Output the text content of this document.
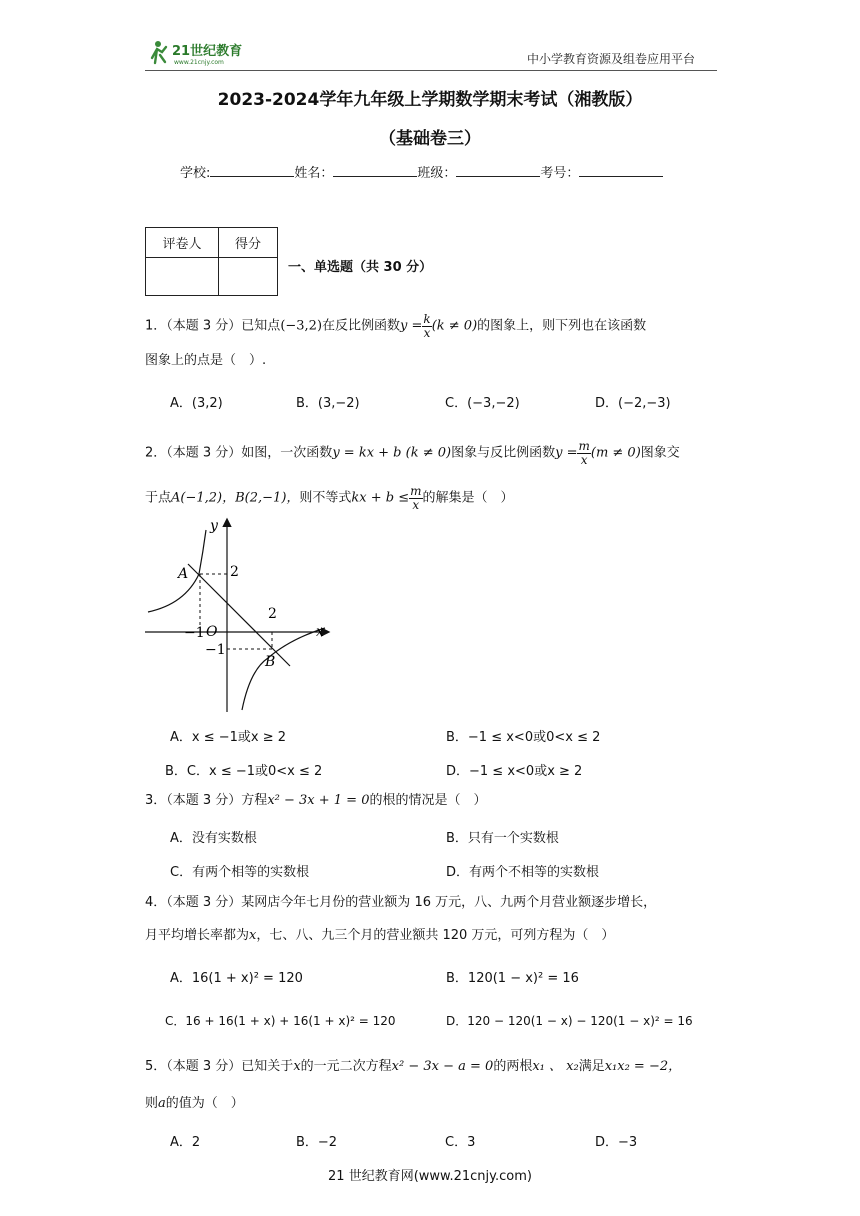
21世纪教育
www.21cnjy.com	中小学教育资源及组卷应用平台
2023-2024学年九年级上学期数学期末考试（湘教版）
（基础卷三）
学校:	姓名：	班级：	考号：
评卷人	得分

一、单选题（共 30 分）
1．（本题 3 分）已知点(−3,2)在反比例函数$y = \frac{k}{x} (k \ne 0)$的图象上，则下列也在该函数
图象上的点是（　）.
A．(3,2)	B．(3,−2)	C．(−3,−2)	D．(−2,−3)
2．（本题 3 分）如图，一次函数y = kx + b (k ≠ 0)图象与反比例函数$y = \frac{m}{x} (m \ne 0)$图象交
于点A(−1,2)，B(2,−1)，则不等式kx + $b \le \frac{m}{x}$ 的解集是（　）
y
x
O
A
B
2
2
−1
−1
A．x ≤ −1或x ≥ 2	B．−1 ≤ x<0或0<x ≤ 2
B．C．x ≤ −1或0<x ≤ 2	D．−1 ≤ x<0或x ≥ 2
3．（本题 3 分）方程x² − 3x + 1 = 0的根的情况是（　）
A．没有实数根	B．只有一个实数根
C．有两个相等的实数根	D．有两个不相等的实数根
4．（本题 3 分）某网店今年七月份的营业额为 16 万元，八、九两个月营业额逐步增长，
月平均增长率都为x，七、八、九三个月的营业额共 120 万元，可列方程为（　）
A．16(1 + x)² = 120	B．120(1 − x)² = 16
C．16 + 16(1 + x) + 16(1 + x)² = 120	D．120 − 120(1 − x) − 120(1 − x)² = 16
5．（本题 3 分）已知关于x的一元二次方程x² − 3x − a = 0的两根x₁ 、 x₂满足x₁x₂ = −2，
则a的值为（　）
A．2	B．−2	C．3	D．−3
21 世纪教育网(www.21cnjy.com)
